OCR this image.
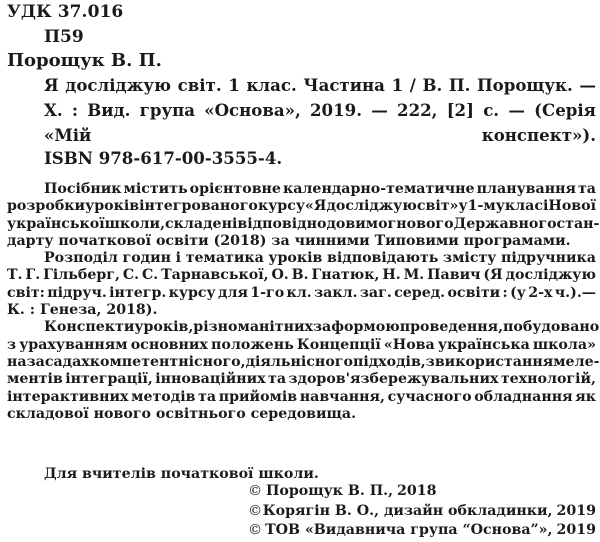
УДК 37.016
П59
Порощук В. П.
Я досліджую світ. 1 клас. Частина 1 / В. П. Порощук. —
Х. : Вид. група «Основа», 2019. — 222, [2] с. — (Серія
«Мій	конспект»).
ISBN 978-617-00-3555-4.
Посібник містить орієнтовне календарно-тематичне планування та
розробки уроків інтегрованого курсу «Я досліджую світ» у 1-му класі Нової
української школи, складені відповідно до вимог нового Державного стан-
дарту початкової освіти (2018) за чинними Типовими програмами.
Розподіл годин і тематика уроків відповідають змісту підручника
Т. Г. Гільберг, С. С. Тарнавської, О. В. Гнатюк, Н. М. Павич (Я досліджую
світ: підруч. інтегр. курсу для 1-го кл. закл. заг. серед. освіти : (у 2-х ч.).—
К. : Генеза, 2018).
Конспекти уроків, різноманітних за формою проведення, побудовано
з урахуванням основних положень Концепції «Нова українська школа»
на засадах компетентнісного, діяльнісного підходів, з використанням еле-
ментів інтеграції, інноваційних та здоров'язбережувальних технологій,
інтерактивних методів та прийомів навчання, сучасного обладнання як
складової нового освітнього середовища.
Для вчителів початкової школи.
© Порощук В. П., 2018
© Корягін В. О., дизайн обкладинки, 2019
© ТОВ «Видавнича група “Основа”», 2019
